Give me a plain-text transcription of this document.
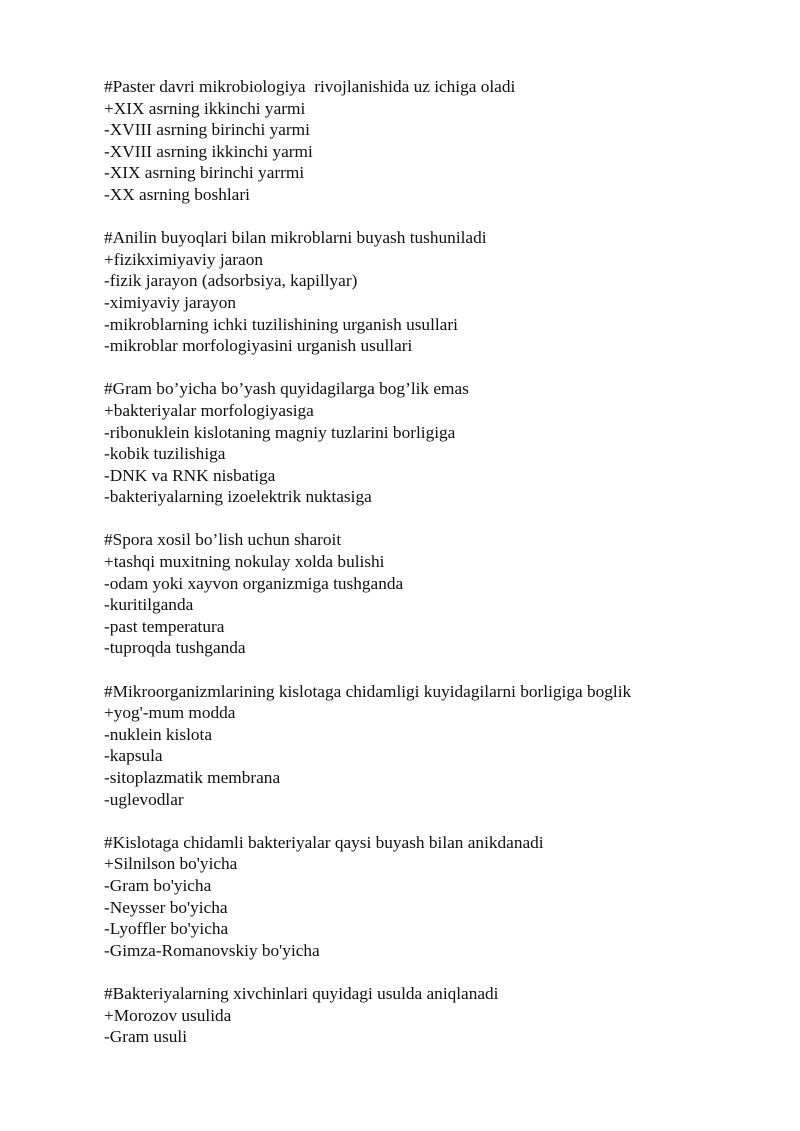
#Paster davri mikrobiologiya  rivojlanishida uz ichiga oladi
+XIX asrning ikkinchi yarmi
-XVIII asrning birinchi yarmi
-XVIII asrning ikkinchi yarmi
-XIX asrning birinchi yarrmi
-XX asrning boshlari
#Anilin buyoqlari bilan mikroblarni buyash tushuniladi
+fizikximiyaviy jaraon
-fizik jarayon (adsorbsiya, kapillyar)
-ximiyaviy jarayon
-mikroblarning ichki tuzilishining urganish usullari
-mikroblar morfologiyasini urganish usullari
#Gram bo’yicha bo’yash quyidagilarga bog’lik emas
+bakteriyalar morfologiyasiga
-ribonuklein kislotaning magniy tuzlarini borligiga
-kobik tuzilishiga
-DNK va RNK nisbatiga
-bakteriyalarning izoelektrik nuktasiga
#Spora xosil bo’lish uchun sharoit
+tashqi muxitning nokulay xolda bulishi
-odam yoki xayvon organizmiga tushganda
-kuritilganda
-past temperatura
-tuproqda tushganda
#Mikroorganizmlarining kislotaga chidamligi kuyidagilarni borligiga boglik
+yog'-mum modda
-nuklein kislota
-kapsula
-sitoplazmatik membrana
-uglevodlar
#Kislotaga chidamli bakteriyalar qaysi buyash bilan anikdanadi
+Silnilson bo'yicha
-Gram bo'yicha
-Neysser bo'yicha
-Lyoffler bo'yicha
-Gimza-Romanovskiy bo'yicha
#Bakteriyalarning xivchinlari quyidagi usulda aniqlanadi
+Morozov usulida
-Gram usuli
